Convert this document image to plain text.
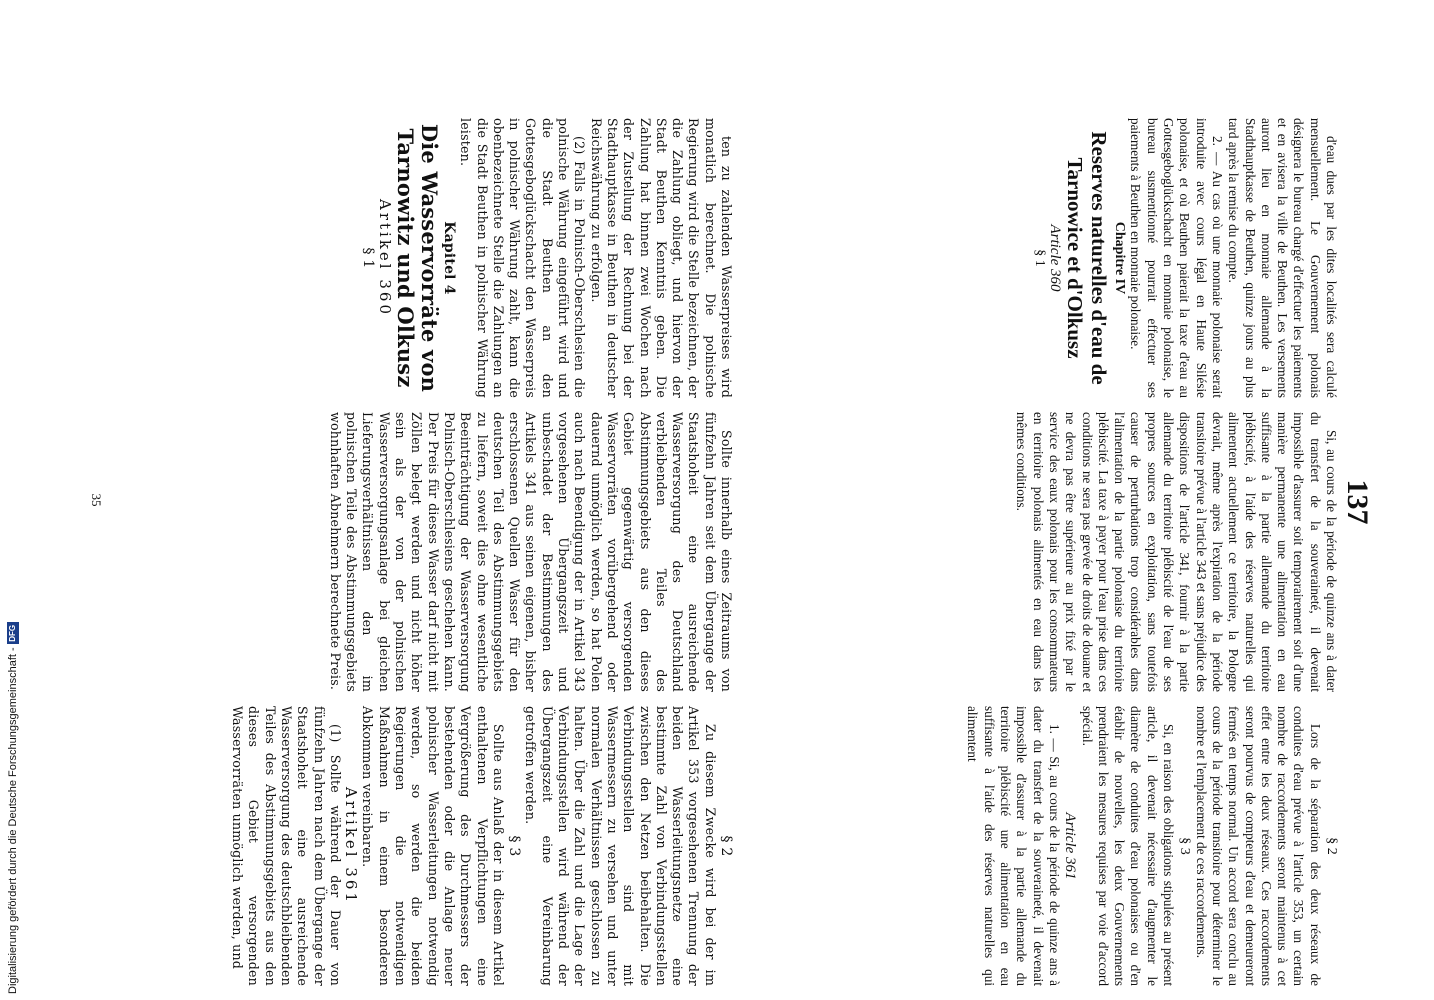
137

d'eau dues par les dites localités sera calculé mensuellement. Le Gouvernement polonais désignera le bureau chargé d'effectuer les paiements et en avisera la ville de Beuthen. Les versements auront lieu en monnaie allemande à la Stadthauptkasse de Beuthen, quinze jours au plus tard après la remise du compte.

2. — Au cas où une monnaie polonaise serait introduite avec cours légal en Haute Silésie polonaise, et où Beuthen paierait la taxe d'eau au Gottesgeboglückschacht en monnaie polonaise, le bureau susmentionné pourrait effectuer ses paiements à Beuthen en monnaie polonaise.

Chapitre IV

Reserves naturelles d'eau de Tarnowice et d'Olkusz

Article 360

§ 1

Si, au cours de la période de quinze ans à dater du transfert de la souveraineté, il devenait impossible d'assurer soit temporairement soit d'une manière permanente une alimentation en eau suffisante à la partie allemande du territoire plébiscité, à l'aide des réserves naturelles qui alimentent actuellement ce territoire, la Pologne devrait, même après l'expiration de la période transitoire prévue à l'article 343 et sans préjudice des dispositions de l'article 341, fournir à la partie allemande du territoire plébiscité de l'eau de ses propres sources en exploitation, sans toutefois causer de perturbations trop considérables dans l'alimentation de la partie polonaise du territoire plébiscité. La taxe à payer pour l'eau prise dans ces conditions ne sera pas grevée de droits de douane et ne devra pas être supérieure au prix fixé par le service des eaux polonais pour les consommateurs en territoire polonais alimentés en eau dans les mêmes conditions.

§ 2

Lors de la séparation des deux réseaux de conduites d'eau prévue à l'article 353, un certain nombre de raccordements seront maintenus à cet effet entre les deux réseaux. Ces raccordements seront pourvus de compteurs d'eau et demeureront fermés en temps normal. Un accord sera conclu au cours de la période transitoire pour déterminer le nombre et l'emplacement de ces raccordements.

§ 3

Si, en raison des obligations stipulées au présent article, il devenait nécessaire d'augmenter le diamètre de conduites d'eau polonaises ou d'en établir de nouvelles, les deux Gouvernements prendraient les mesures requises par voie d'accord spécial.

Article 361

1. — Si, au cours de la période de quinze ans à dater du transfert de la souveraineté, il devenait impossible d'assurer à la partie allemande du territoire plébiscité une alimentation en eau suffisante à l'aide des réserves naturelles qui alimentent

ten zu zahlenden Wasserpreises wird monatlich berechnet. Die polnische Regierung wird die Stelle bezeichnen, der die Zahlung obliegt, und hiervon der Stadt Beuthen Kenntnis geben. Die Zahlung hat binnen zwei Wochen nach der Zustellung der Rechnung bei der Stadthauptkasse in Beuthen in deutscher Reichswährung zu erfolgen.

(2) Falls in Polnisch-Oberschlesien die polnische Währung eingeführt wird und die Stadt Beuthen an den Gottesgeboglückschacht den Wasserpreis in polnischer Währung zahlt, kann die obenbezeichnete Stelle die Zahlungen an die Stadt Beuthen in polnischer Währung leisten.

Kapitel 4

Die Wasservorräte von Tarnowitz und Olkusz

Artikel 360

§ 1

Sollte innerhalb eines Zeitraums von fünfzehn Jahren seit dem Übergange der Staatshoheit eine ausreichende Wasserversorgung des Deutschland verbleibenden Teiles des Abstimmungsgebiets aus den dieses Gebiet gegenwärtig versorgenden Wasservorräten vorübergehend oder dauernd unmöglich werden, so hat Polen auch nach Beendigung der in Artikel 343 vorgesehenen Übergangszeit und unbeschadet der Bestimmungen des Artikels 341 aus seinen eigenen, bisher erschlossenen Quellen Wasser für den deutschen Teil des Abstimmungsgebiets zu liefern, soweit dies ohne wesentliche Beeinträchtigung der Wasserversorgung Polnisch-Oberschlesiens geschehen kann. Der Preis für dieses Wasser darf nicht mit Zöllen belegt werden und nicht höher sein als der von der polnischen Wasserversorgungsanlage bei gleichen Lieferungsverhältnissen den im polnischen Teile des Abstimmungsgebiets wohnhaften Abnehmern berechnete Preis.

§ 2

Zu diesem Zwecke wird bei der im Artikel 353 vorgesehenen Trennung der beiden Wasserleitungsnetze eine bestimmte Zahl von Verbindungsstellen zwischen den Netzen beibehalten. Die Verbindungsstellen sind mit Wassermessern zu versehen und unter normalen Verhältnissen geschlossen zu halten. Über die Zahl und die Lage der Verbindungsstellen wird während der Übergangszeit eine Vereinbarung getroffen werden.

§ 3

Sollte aus Anlaß der in diesem Artikel enthaltenen Verpflichtungen eine Vergrößerung des Durchmessers der bestehenden oder die Anlage neuer polnischer Wasserleitungen notwendig werden, so werden die beiden Regierungen die notwendigen Maßnahmen in einem besonderen Abkommen vereinbaren.

Artikel 361

(1) Sollte während der Dauer von fünfzehn Jahren nach dem Übergange der Staatshoheit eine ausreichende Wasserversorgung des deutschbleibenden Teiles des Abstimmungsgebiets aus den dieses Gebiet versorgenden Wasservorräten unmöglich werden, und

35
Digitalisierung gefördert durch die Deutsche Forschungsgemeinschaft -
DFG
